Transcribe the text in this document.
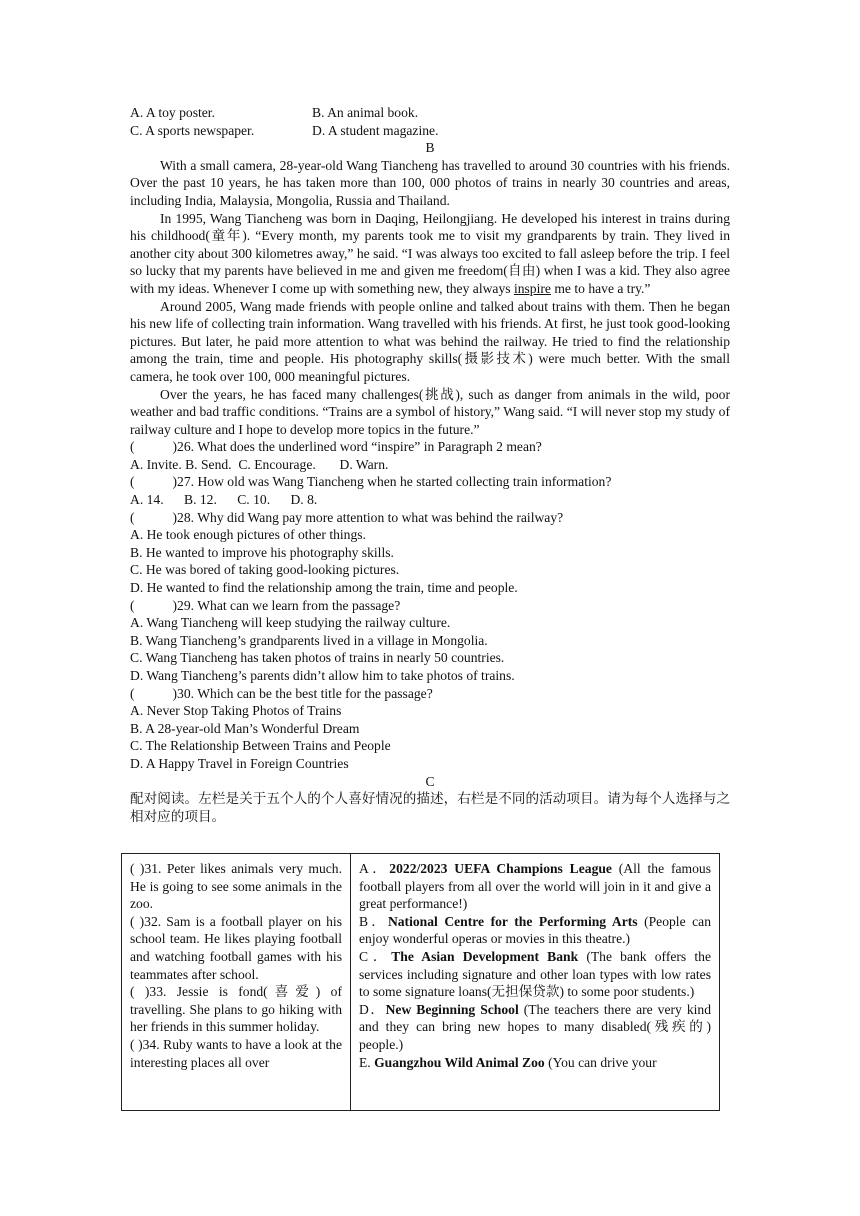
A. A toy poster.	B. An animal book.
C. A sports newspaper.	D. A student magazine.
B

With a small camera, 28-year-old Wang Tiancheng has travelled to around 30 countries with his friends. Over the past 10 years, he has taken more than 100, 000 photos of trains in nearly 30 countries and areas, including India, Malaysia, Mongolia, Russia and Thailand.

In 1995, Wang Tiancheng was born in Daqing, Heilongjiang. He developed his interest in trains during his childhood(童年). “Every month, my parents took me to visit my grandparents by train. They lived in another city about 300 kilometres away,” he said. “I was always too excited to fall asleep before the trip. I feel so lucky that my parents have believed in me and given me freedom(自由) when I was a kid. They also agree with my ideas. Whenever I come up with something new, they always inspire me to have a try.”

Around 2005, Wang made friends with people online and talked about trains with them. Then he began his new life of collecting train information. Wang travelled with his friends. At first, he just took good-looking pictures. But later, he paid more attention to what was behind the railway. He tried to find the relationship among the train, time and people. His photography skills(摄影技术) were much better. With the small camera, he took over 100, 000 meaningful pictures.

Over the years, he has faced many challenges(挑战), such as danger from animals in the wild, poor weather and bad traffic conditions. “Trains are a symbol of history,” Wang said. “I will never stop my study of railway culture and I hope to develop more topics in the future.”

(	)26. What does the underlined word “inspire” in Paragraph 2 mean?

A. Invite. B. Send.  C. Encourage.       D. Warn.

(	)27. How old was Wang Tiancheng when he started collecting train information?

A. 14.      B. 12.      C. 10.      D. 8.

(	)28. Why did Wang pay more attention to what was behind the railway?

A. He took enough pictures of other things.

B. He wanted to improve his photography skills.

C. He was bored of taking good-looking pictures.

D. He wanted to find the relationship among the train, time and people.

(	)29. What can we learn from the passage?

A. Wang Tiancheng will keep studying the railway culture.

B. Wang Tiancheng’s grandparents lived in a village in Mongolia.

C. Wang Tiancheng has taken photos of trains in nearly 50 countries.

D. Wang Tiancheng’s parents didn’t allow him to take photos of trains.

(	)30. Which can be the best title for the passage?

A. Never Stop Taking Photos of Trains

B. A 28-year-old Man’s Wonderful Dream

C. The Relationship Between Trains and People

D. A Happy Travel in Foreign Countries

C

配对阅读。左栏是关于五个人的个人喜好情况的描述，右栏是不同的活动项目。请为每个人选择与之相对应的项目。

( )31. Peter likes animals very much. He is going to see some animals in the zoo.
( )32. Sam is a football player on his school team. He likes playing football and watching football games with his teammates after school.
( )33. Jessie is fond(喜爱) of travelling. She plans to go hiking with her friends in this summer holiday.
( )34. Ruby wants to have a look at the interesting places all over

A．2022/2023 UEFA Champions League (All the famous football players from all over the world will join in it and give a great performance!)
B．National Centre for the Performing Arts (People can enjoy wonderful operas or movies in this theatre.)
C．The Asian Development Bank (The bank offers the services including signature and other loan types with low rates to some signature loans(无担保贷款) to some poor students.)
D．New Beginning School (The teachers there are very kind and they can bring new hopes to many disabled(残疾的) people.)
E. Guangzhou Wild Animal Zoo (You can drive your
